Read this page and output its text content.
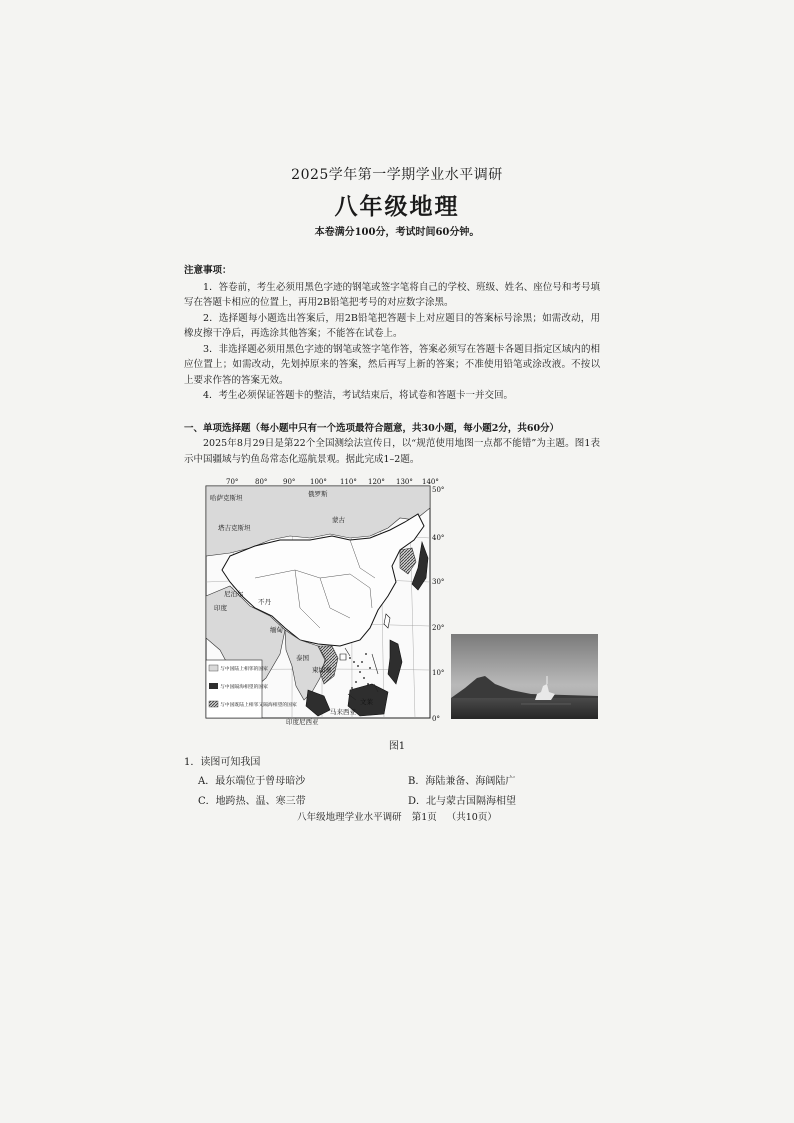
2025学年第一学期学业水平调研
八年级地理
本卷满分100分，考试时间60分钟。
注意事项：

1．答卷前，考生必须用黑色字迹的钢笔或签字笔将自己的学校、班级、姓名、座位号和考号填写在答题卡相应的位置上，再用2B铅笔把考号的对应数字涂黑。

2．选择题每小题选出答案后，用2B铅笔把答题卡上对应题目的答案标号涂黑；如需改动，用橡皮擦干净后，再选涂其他答案；不能答在试卷上。

3．非选择题必须用黑色字迹的钢笔或签字笔作答，答案必须写在答题卡各题目指定区域内的相应位置上；如需改动，先划掉原来的答案，然后再写上新的答案；不准使用铅笔或涂改液。不按以上要求作答的答案无效。

4．考生必须保证答题卡的整洁，考试结束后，将试卷和答题卡一并交回。

一、单项选择题（每小题中只有一个选项最符合题意，共30小题，每小题2分，共60分）

2025年8月29日是第22个全国测绘法宣传日，以“规范使用地图一点都不能错”为主题。图1表示中国疆域与钓鱼岛常态化巡航景观。据此完成1–2题。

70° 80° 90° 100° 110° 120° 130° 140°
50°
40°
30°
20°
10°
0°
哈萨克斯坦	俄罗斯
蒙古
塔吉克斯坦
印度
尼泊尔
不丹
缅甸
泰国
柬埔寨
马来西亚
文莱
印度尼西亚
与中国陆上相邻的国家
与中国隔海相望的国家
与中国既陆上相邻又隔海相望的国家
图1
1．读图可知我国
A．最东端位于曾母暗沙	B．海陆兼备、海阔陆广
C．地跨热、温、寒三带	D．北与蒙古国隔海相望
八年级地理学业水平调研 第1页 （共10页）
